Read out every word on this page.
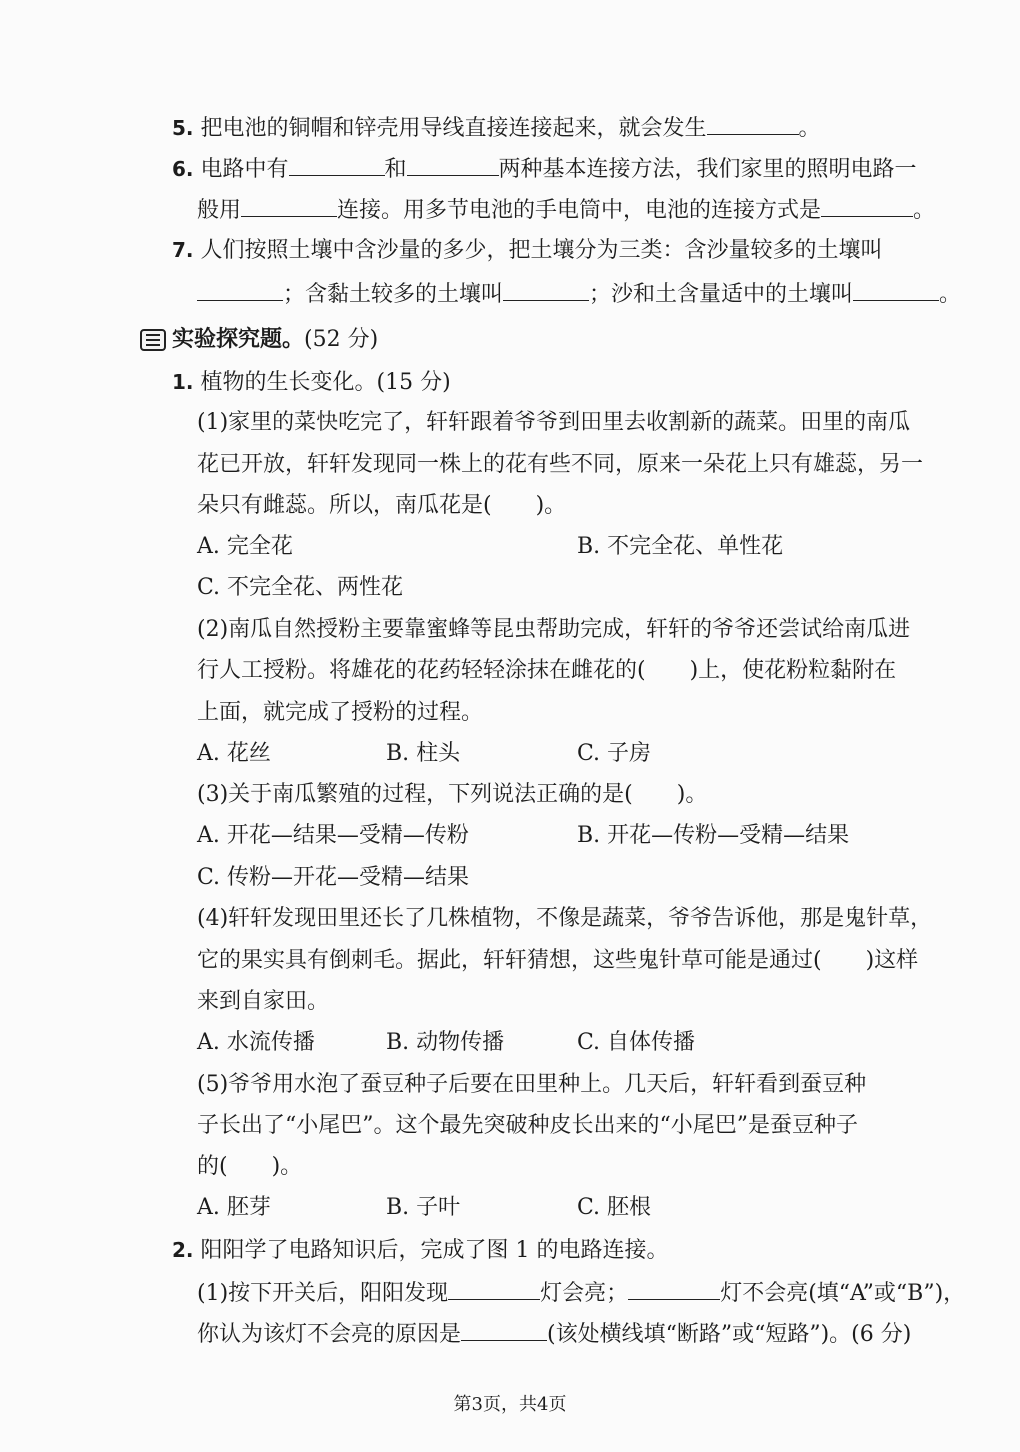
5. 把电池的铜帽和锌壳用导线直接连接起来，就会发生	。
6. 电路中有	和	两种基本连接方法，我们家里的照明电路一
般用	连接。用多节电池的手电筒中，电池的连接方式是	。
7. 人们按照土壤中含沙量的多少，把土壤分为三类：含沙量较多的土壤叫
；含黏土较多的土壤叫	；沙和土含量适中的土壤叫	。
实验探究题。(52 分)
1. 植物的生长变化。(15 分)
(1)家里的菜快吃完了，轩轩跟着爷爷到田里去收割新的蔬菜。田里的南瓜
花已开放，轩轩发现同一株上的花有些不同，原来一朵花上只有雄蕊，另一
朵只有雌蕊。所以，南瓜花是(　　)。
A. 完全花	B. 不完全花、单性花
C. 不完全花、两性花
(2)南瓜自然授粉主要靠蜜蜂等昆虫帮助完成，轩轩的爷爷还尝试给南瓜进
行人工授粉。将雄花的花药轻轻涂抹在雌花的(　　)上，使花粉粒黏附在
上面，就完成了授粉的过程。
A. 花丝	B. 柱头	C. 子房
(3)关于南瓜繁殖的过程，下列说法正确的是(　　)。
A. 开花—结果—受精—传粉	B. 开花—传粉—受精—结果
C. 传粉—开花—受精—结果
(4)轩轩发现田里还长了几株植物，不像是蔬菜，爷爷告诉他，那是鬼针草，
它的果实具有倒刺毛。据此，轩轩猜想，这些鬼针草可能是通过(　　)这样
来到自家田。
A. 水流传播	B. 动物传播	C. 自体传播
(5)爷爷用水泡了蚕豆种子后要在田里种上。几天后，轩轩看到蚕豆种
子长出了“小尾巴”。这个最先突破种皮长出来的“小尾巴”是蚕豆种子
的(　　)。
A. 胚芽	B. 子叶	C. 胚根
2. 阳阳学了电路知识后，完成了图 1 的电路连接。
(1)按下开关后，阳阳发现	灯会亮；	灯不会亮(填“A”或“B”)，
你认为该灯不会亮的原因是	(该处横线填“断路”或“短路”)。(6 分)
第3页，共4页
